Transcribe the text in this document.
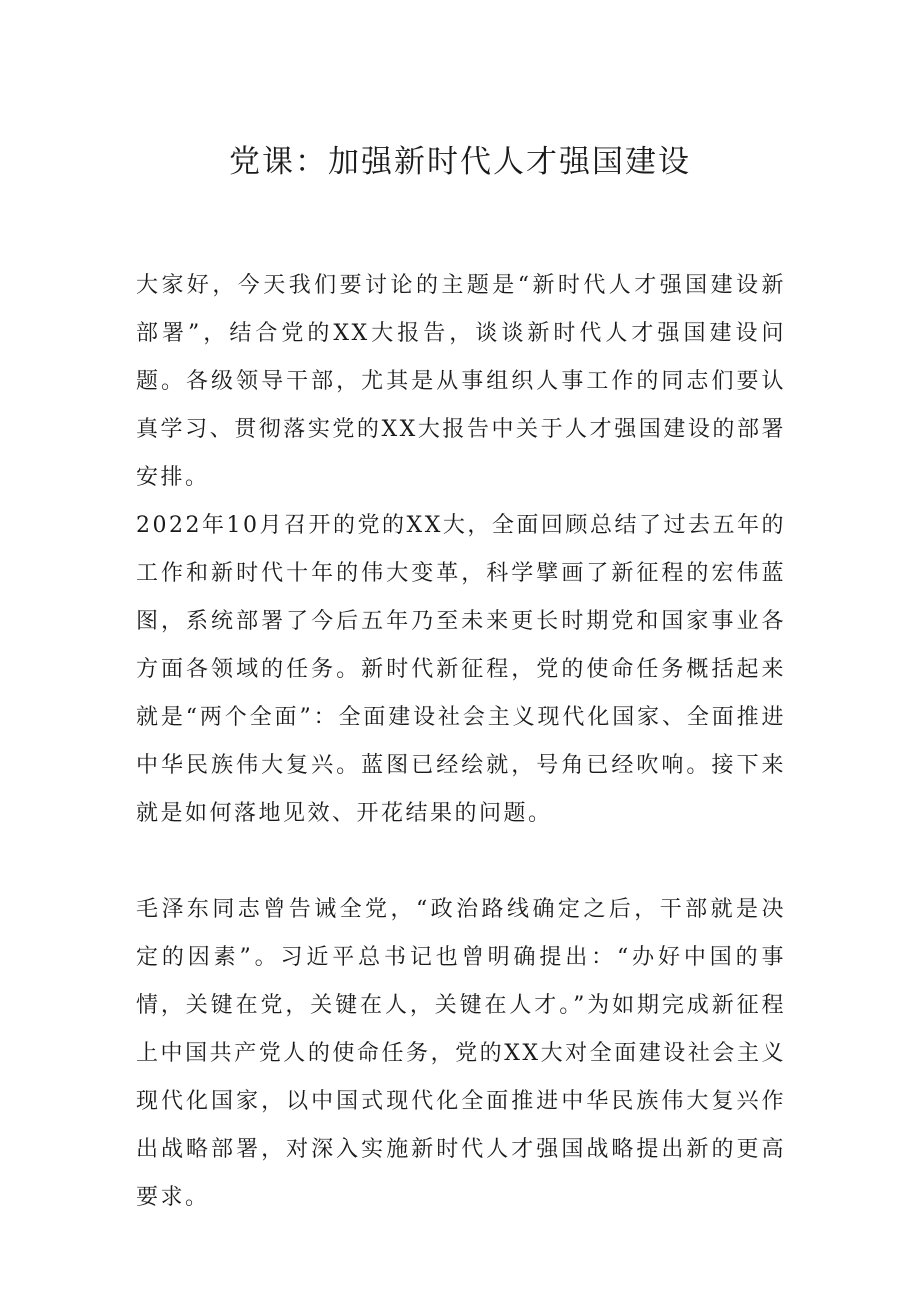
党课：加强新时代人才强国建设

大家好，今天我们要讨论的主题是“新时代人才强国建设新部署”，结合党的XX大报告，谈谈新时代人才强国建设问题。各级领导干部，尤其是从事组织人事工作的同志们要认真学习、贯彻落实党的XX大报告中关于人才强国建设的部署安排。

2022年10月召开的党的XX大，全面回顾总结了过去五年的工作和新时代十年的伟大变革，科学擘画了新征程的宏伟蓝图，系统部署了今后五年乃至未来更长时期党和国家事业各方面各领域的任务。新时代新征程，党的使命任务概括起来就是“两个全面”：全面建设社会主义现代化国家、全面推进中华民族伟大复兴。蓝图已经绘就，号角已经吹响。接下来就是如何落地见效、开花结果的问题。

毛泽东同志曾告诫全党，“政治路线确定之后，干部就是决定的因素”。习近平总书记也曾明确提出：“办好中国的事情，关键在党，关键在人，关键在人才。”为如期完成新征程上中国共产党人的使命任务，党的XX大对全面建设社会主义现代化国家，以中国式现代化全面推进中华民族伟大复兴作出战略部署，对深入实施新时代人才强国战略提出新的更高要求。
